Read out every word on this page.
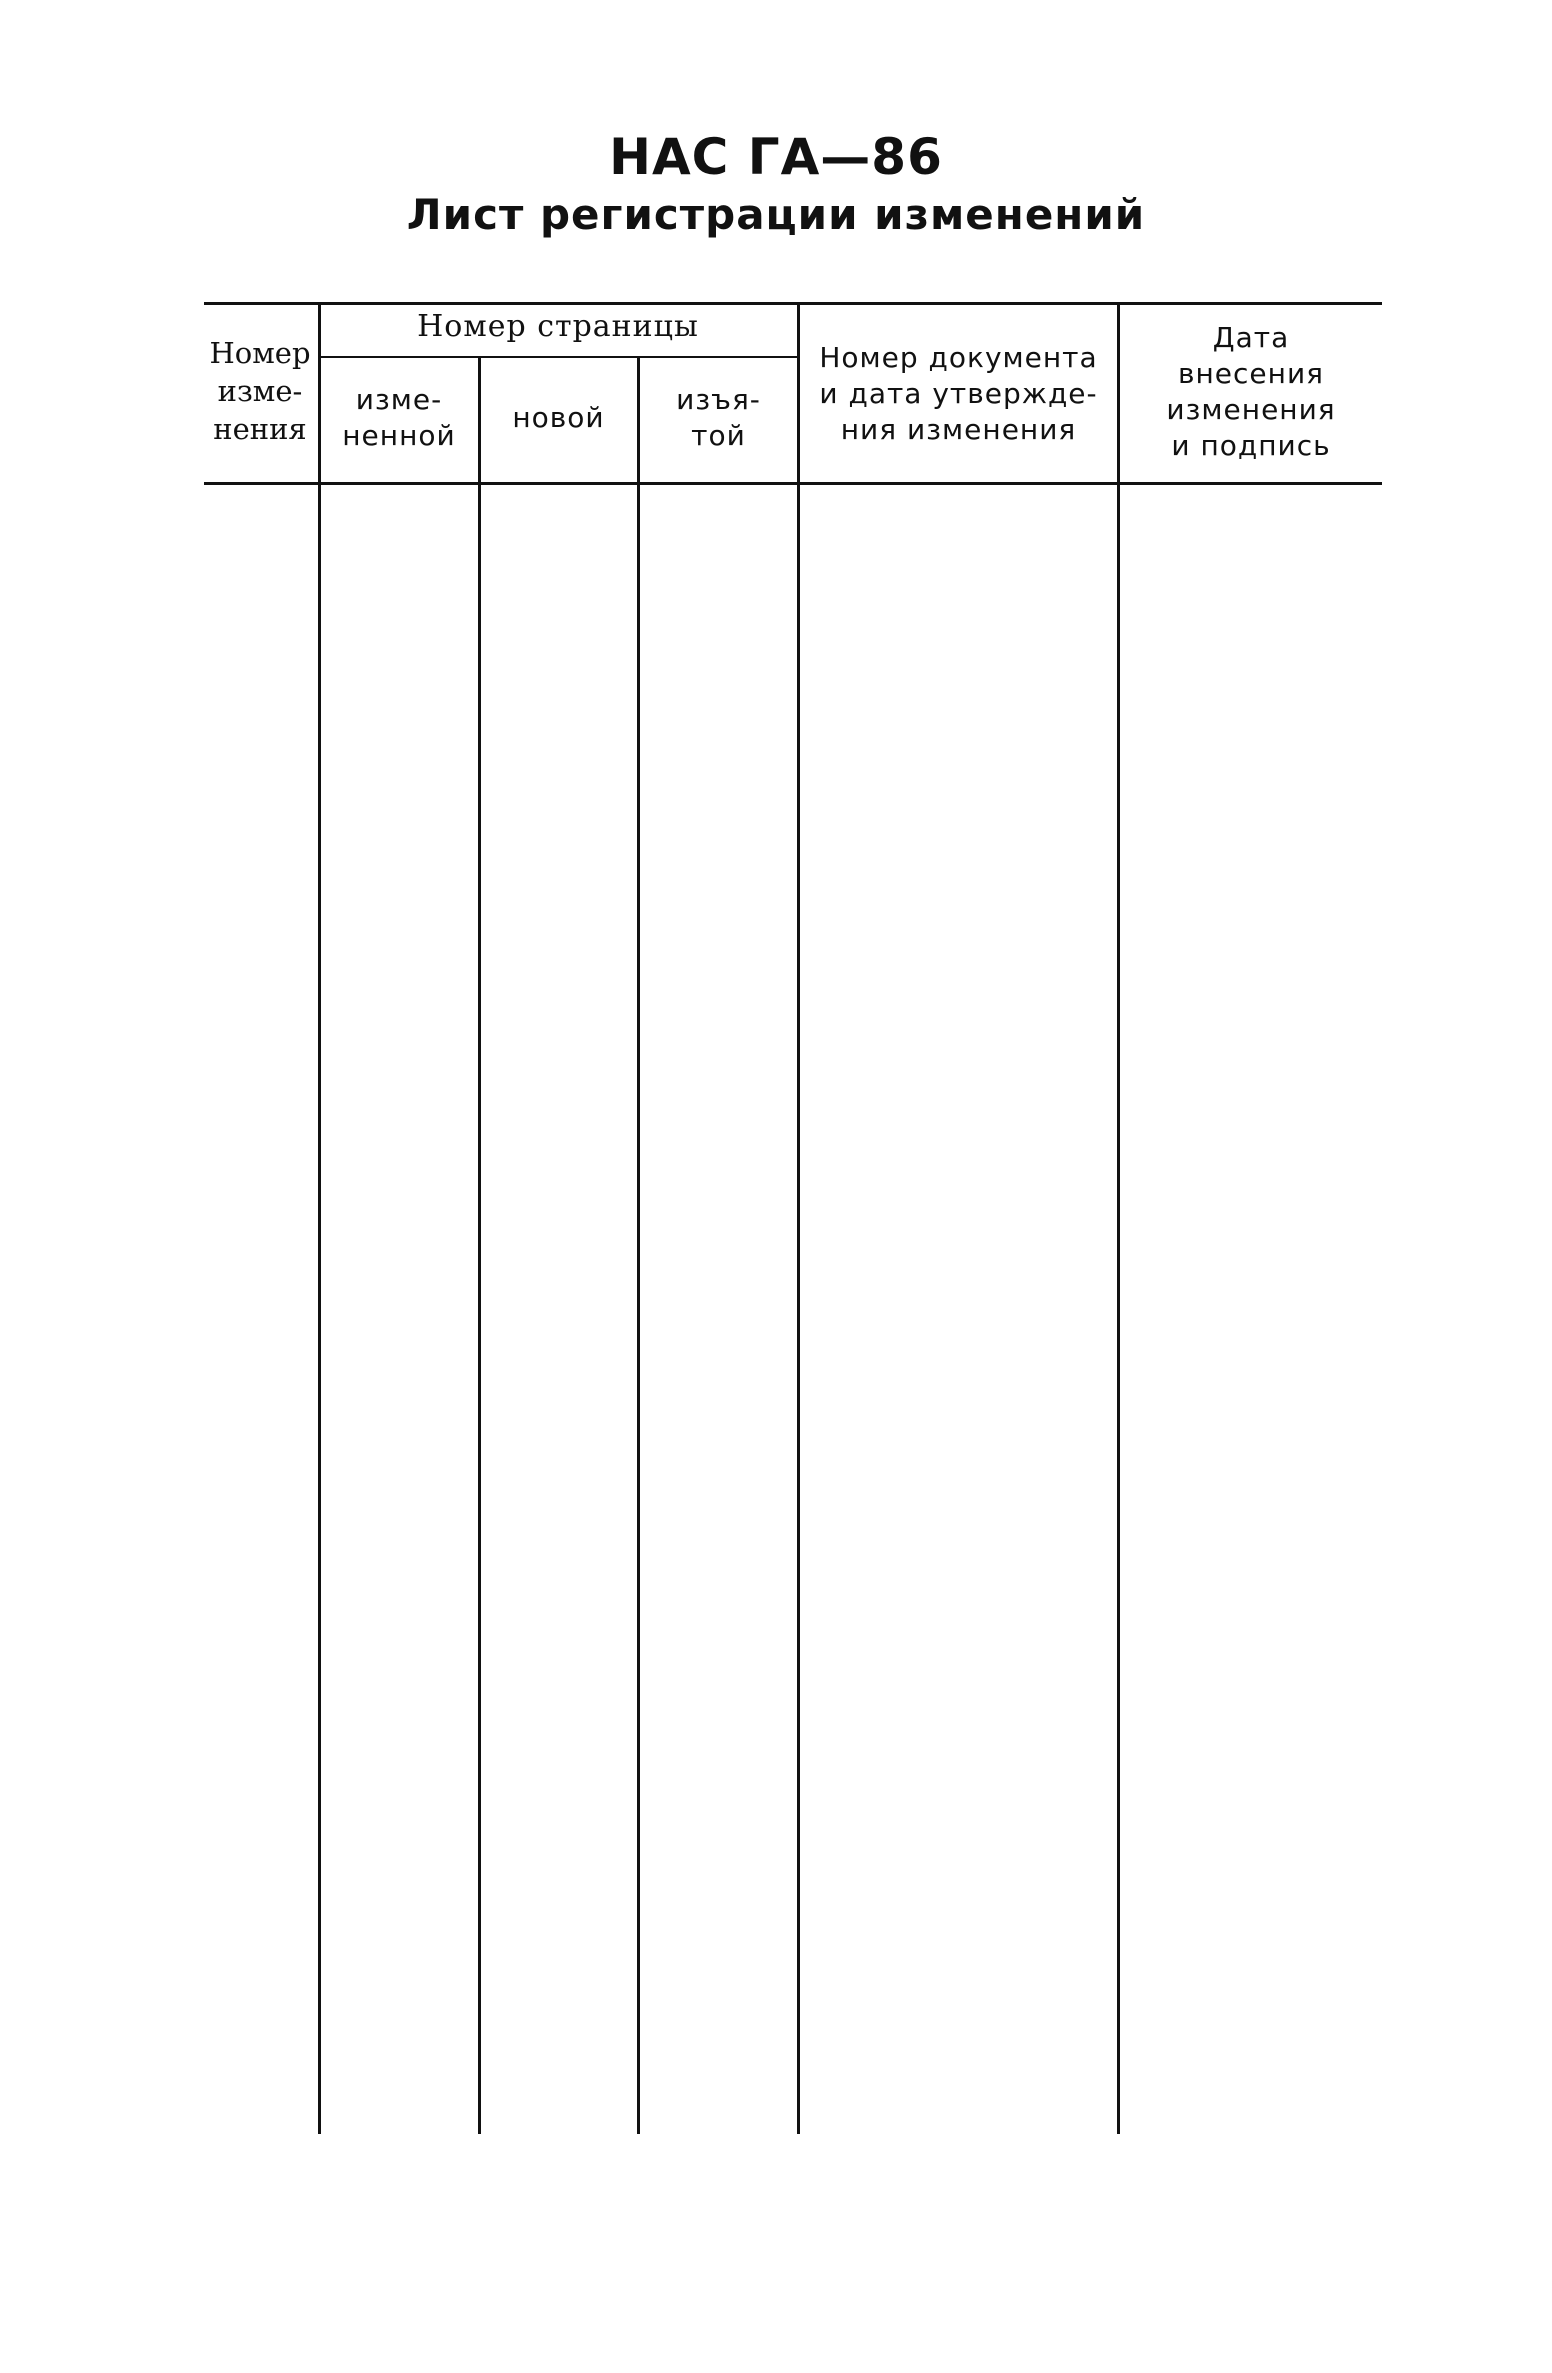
НАС ГА—86
Лист регистрации изменений
Номер
изме-
нения
Номер страницы
изме-
ненной
новой
изъя-
той
Номер документа
и дата утвержде-
ния изменения
Дата
внесения
изменения
и подпись
